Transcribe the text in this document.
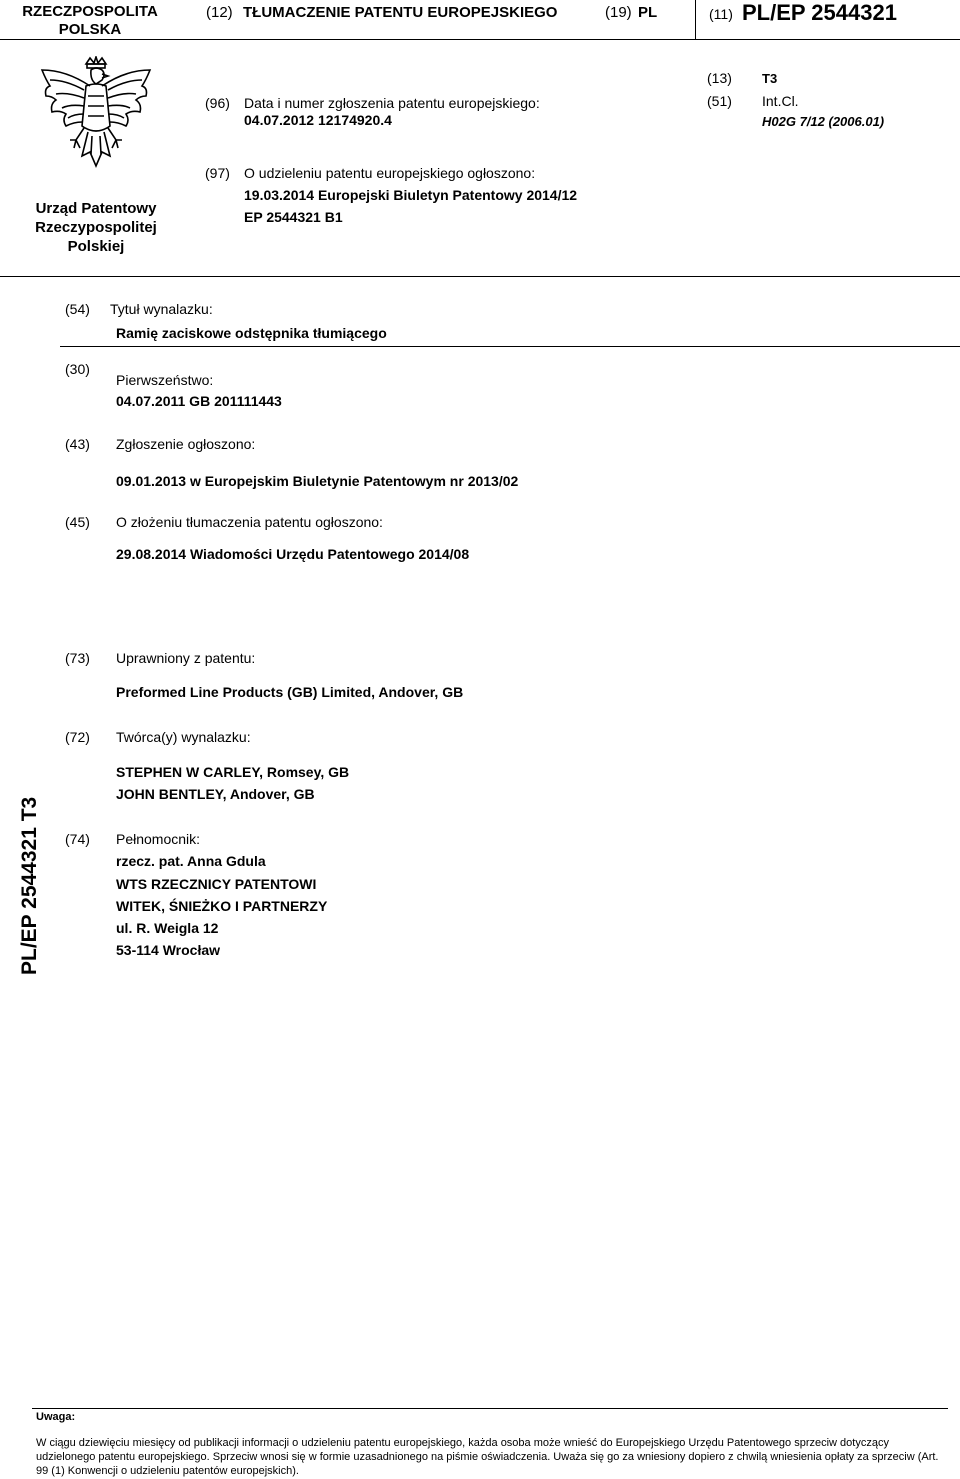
RZECZPOSPOLITA
POLSKA
(12) TŁUMACZENIE PATENTU EUROPEJSKIEGO	(19) PL	(11) PL/EP 2544321
Urząd Patentowy
Rzeczypospolitej
Polskiej
(96) Data i numer zgłoszenia patentu europejskiego:
04.07.2012 12174920.4
(13) T3
(51) Int.Cl.
H02G 7/12 (2006.01)
(97) O udzieleniu patentu europejskiego ogłoszono:
19.03.2014 Europejski Biuletyn Patentowy 2014/12
EP 2544321 B1
(54) Tytuł wynalazku:
Ramię zaciskowe odstępnika tłumiącego
(30)
Pierwszeństwo:
04.07.2011 GB 201111443
(43) Zgłoszenie ogłoszono:
09.01.2013 w Europejskim Biuletynie Patentowym nr 2013/02
(45) O złożeniu tłumaczenia patentu ogłoszono:
29.08.2014 Wiadomości Urzędu Patentowego 2014/08
(73) Uprawniony z patentu:
Preformed Line Products (GB) Limited, Andover, GB
(72) Twórca(y) wynalazku:
STEPHEN W CARLEY, Romsey, GB
JOHN BENTLEY, Andover, GB
(74) Pełnomocnik:
rzecz. pat. Anna Gdula
WTS RZECZNICY PATENTOWI
WITEK, ŚNIEŻKO I PARTNERZY
ul. R. Weigla 12
53-114 Wrocław
PL/EP 2544321 T3
Uwaga:
W ciągu dziewięciu miesięcy od publikacji informacji o udzieleniu patentu europejskiego, każda osoba może wnieść do Europejskiego Urzędu Patentowego sprzeciw dotyczący udzielonego patentu europejskiego. Sprzeciw wnosi się w formie uzasadnionego na piśmie oświadczenia. Uważa się go za wniesiony dopiero z chwilą wniesienia opłaty za sprzeciw (Art. 99 (1) Konwencji o udzieleniu patentów europejskich).
